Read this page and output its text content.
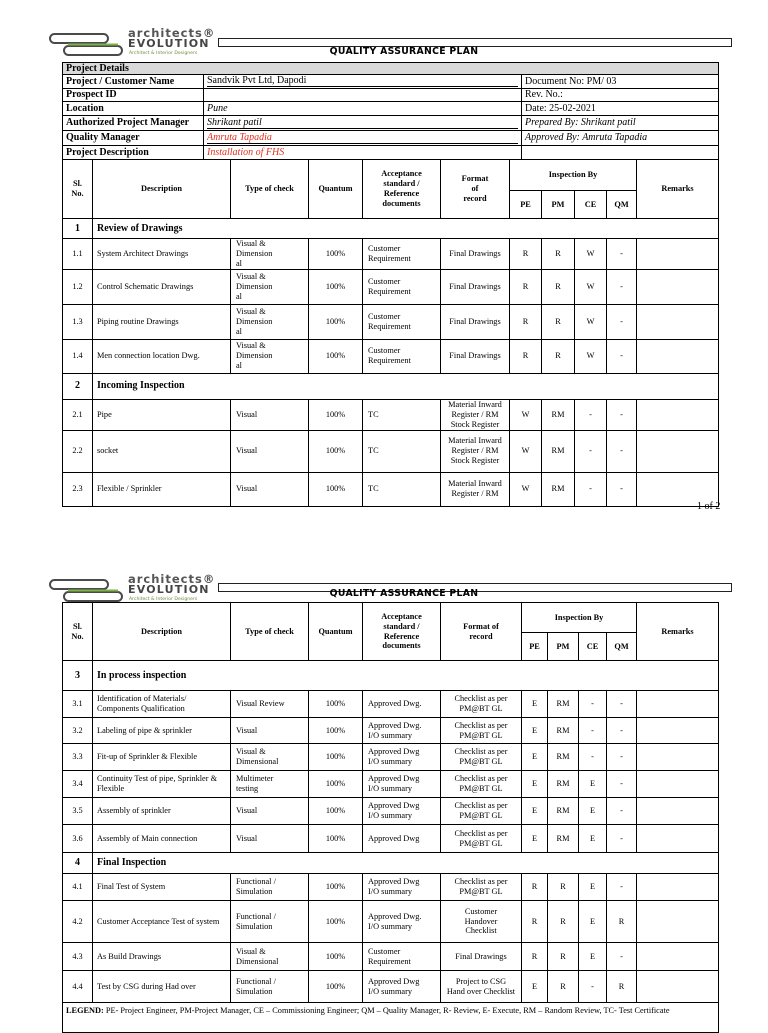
architects®
EVOLUTION
Architect & Interior Designers	QUALITY ASSURANCE PLAN
Project Details		
Project / Customer Name	Sandvik Pvt Ltd, Dapodi	Document No: PM/ 03
Prospect ID		Rev. No.:
Location	Pune	Date: 25-02-2021
Authorized Project Manager	Shrikant patil	Prepared By: Shrikant patil
Quality Manager	Amruta Tapadia	Approved By: Amruta Tapadia
Project Description	Installation of FHS	
Sl. No.	Description	Type of check	Quantum	Acceptance standard / Reference documents	Format of record	Inspection By				Remarks

						PE	PM	CE	QM	
1	Review of Drawings									

1.1	System Architect Drawings	Visual & Dimensional	100%	Customer Requirement	Final Drawings	R	R	W	-	

1.2	Control Schematic Drawings	Visual & Dimensional	100%	Customer Requirement	Final Drawings	R	R	W	-	

1.3	Piping routine Drawings	Visual & Dimensional	100%	Customer Requirement	Final Drawings	R	R	W	-	

1.4	Men connection location Dwg.	Visual & Dimensional	100%	Customer Requirement	Final Drawings	R	R	W	-	

2	Incoming Inspection									

2.1	Pipe	Visual	100%	TC	Material Inward Register / RM Stock Register	W	RM	-	-	

2.2	socket	Visual	100%	TC	Material Inward Register / RM Stock Register	W	RM	-	-	

2.3	Flexible / Sprinkler	Visual	100%	TC	Material Inward Register / RM	W	RM	-	-	

1 of 2
architects®
EVOLUTION
Architect & Interior Designers
QUALITY ASSURANCE PLAN
Sl. No.	Description	Type of check	Quantum	Acceptance standard / Reference documents	Format of record	Inspection By				Remarks

						PE	PM	CE	QM	
3	In process inspection									

3.1	Identification of Materials/ Components Qualification	Visual Review	100%	Approved Dwg.	Checklist as per PM@BT GL	E	RM	-	-	

3.2	Labeling of pipe & sprinkler	Visual	100%	Approved Dwg. I/O summary	Checklist as per PM@BT GL	E	RM	-	-	

3.3	Fit-up of Sprinkler & Flexible	Visual & Dimensional	100%	Approved Dwg I/O summary	Checklist as per PM@BT GL	E	RM	-	-	

3.4	Continuity Test of pipe, Sprinkler & Flexible	Multimeter testing	100%	Approved Dwg I/O summary	Checklist as per PM@BT GL	E	RM	E	-	

3.5	Assembly of sprinkler	Visual	100%	Approved Dwg I/O summary	Checklist as per PM@BT GL	E	RM	E	-	

3.6	Assembly of Main connection	Visual	100%	Approved Dwg	Checklist as per PM@BT GL	E	RM	E	-	

4	Final Inspection									

4.1	Final Test of System	Functional / Simulation	100%	Approved Dwg I/O summary	Checklist as per PM@BT GL	R	R	E	-	

4.2	Customer Acceptance Test of system	Functional / Simulation	100%	Approved Dwg. I/O summary	Customer Handover Checklist	R	R	E	R	

4.3	As Build Drawings	Visual & Dimensional	100%	Customer Requirement	Final Drawings	R	R	E	-	

4.4	Test by CSG during Had over	Functional / Simulation	100%	Approved Dwg I/O summary	Project to CSG Hand over Checklist	E	R	-	R	

LEGEND: PE- Project Engineer, PM-Project Manager, CE – Commissioning Engineer; QM – Quality Manager, R- Review, E- Execute, RM – Random Review, TC- Test Certificate										
